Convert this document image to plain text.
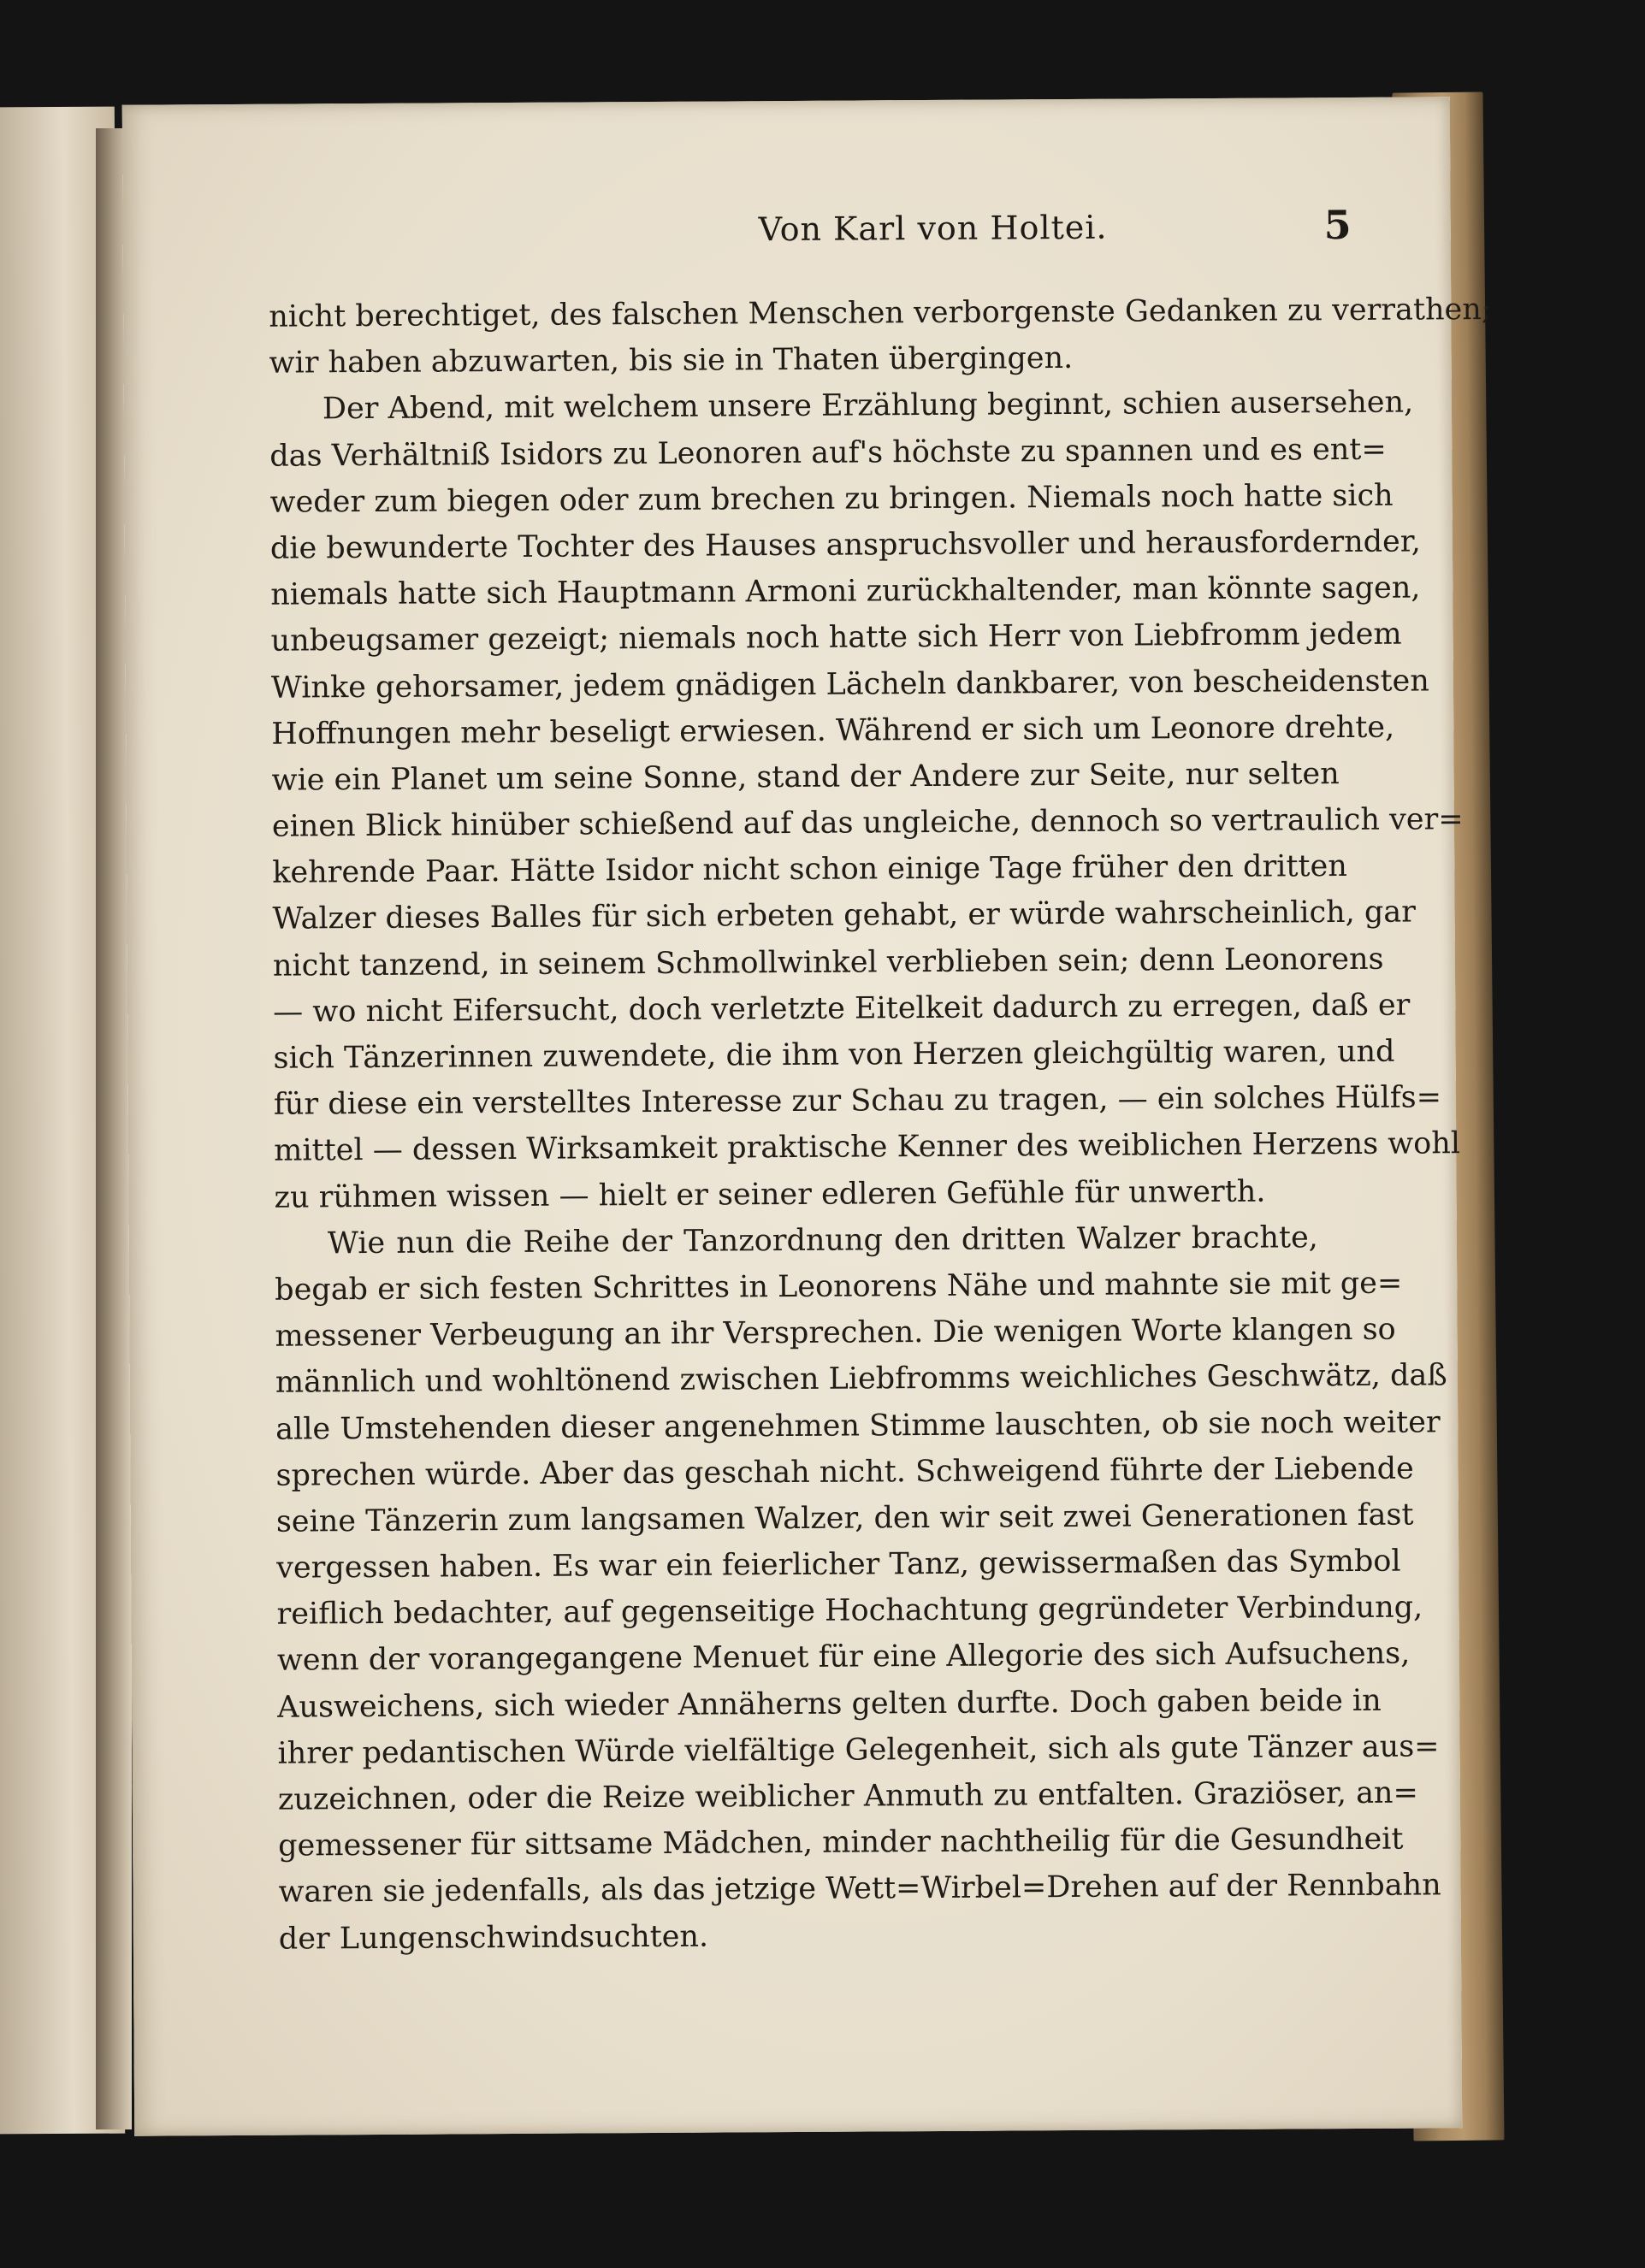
Von Karl von Holtei.	5
nicht berechtiget, des falschen Menschen verborgenste Gedanken zu verrathen;
wir haben abzuwarten, bis sie in Thaten übergingen.
Der Abend, mit welchem unsere Erzählung beginnt, schien ausersehen,
das Verhältniß Isidors zu Leonoren auf's höchste zu spannen und es ent=
weder zum biegen oder zum brechen zu bringen. Niemals noch hatte sich
die bewunderte Tochter des Hauses anspruchsvoller und herausfordernder,
niemals hatte sich Hauptmann Armoni zurückhaltender, man könnte sagen,
unbeugsamer gezeigt; niemals noch hatte sich Herr von Liebfromm jedem
Winke gehorsamer, jedem gnädigen Lächeln dankbarer, von bescheidensten
Hoffnungen mehr beseligt erwiesen. Während er sich um Leonore drehte,
wie ein Planet um seine Sonne, stand der Andere zur Seite, nur selten
einen Blick hinüber schießend auf das ungleiche, dennoch so vertraulich ver=
kehrende Paar. Hätte Isidor nicht schon einige Tage früher den dritten
Walzer dieses Balles für sich erbeten gehabt, er würde wahrscheinlich, gar
nicht tanzend, in seinem Schmollwinkel verblieben sein; denn Leonorens
— wo nicht Eifersucht, doch verletzte Eitelkeit dadurch zu erregen, daß er
sich Tänzerinnen zuwendete, die ihm von Herzen gleichgültig waren, und
für diese ein verstelltes Interesse zur Schau zu tragen, — ein solches Hülfs=
mittel — dessen Wirksamkeit praktische Kenner des weiblichen Herzens wohl
zu rühmen wissen — hielt er seiner edleren Gefühle für unwerth.
Wie nun die Reihe der Tanzordnung den dritten Walzer brachte,
begab er sich festen Schrittes in Leonorens Nähe und mahnte sie mit ge=
messener Verbeugung an ihr Versprechen. Die wenigen Worte klangen so
männlich und wohltönend zwischen Liebfromms weichliches Geschwätz, daß
alle Umstehenden dieser angenehmen Stimme lauschten, ob sie noch weiter
sprechen würde. Aber das geschah nicht. Schweigend führte der Liebende
seine Tänzerin zum langsamen Walzer, den wir seit zwei Generationen fast
vergessen haben. Es war ein feierlicher Tanz, gewissermaßen das Symbol
reiflich bedachter, auf gegenseitige Hochachtung gegründeter Verbindung,
wenn der vorangegangene Menuet für eine Allegorie des sich Aufsuchens,
Ausweichens, sich wieder Annäherns gelten durfte. Doch gaben beide in
ihrer pedantischen Würde vielfältige Gelegenheit, sich als gute Tänzer aus=
zuzeichnen, oder die Reize weiblicher Anmuth zu entfalten. Graziöser, an=
gemessener für sittsame Mädchen, minder nachtheilig für die Gesundheit
waren sie jedenfalls, als das jetzige Wett=Wirbel=Drehen auf der Rennbahn
der Lungenschwindsuchten.
